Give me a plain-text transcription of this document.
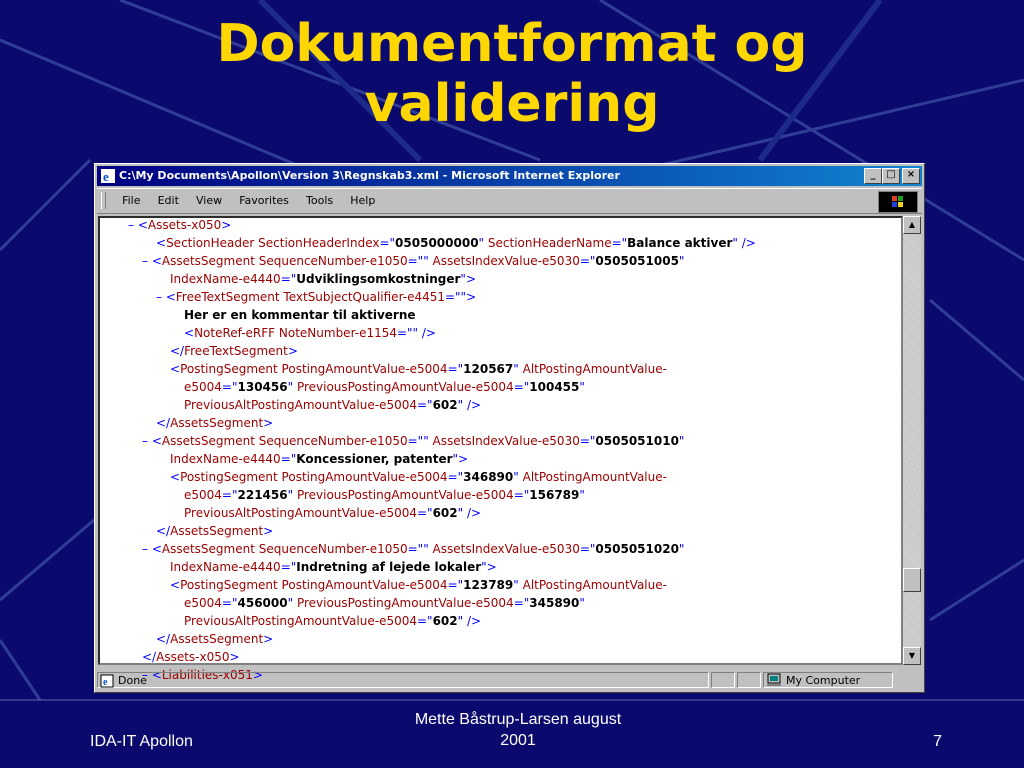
Dokumentformat og
validering
e C:\My Documents\Apollon\Version 3\Regnskab3.xml - Microsoft Internet Explorer	_	□	×
File Edit View Favorites Tools Help
– <Assets-x050>
<SectionHeader SectionHeaderIndex="0505000000" SectionHeaderName="Balance aktiver" />
– <AssetsSegment SequenceNumber-e1050="" AssetsIndexValue-e5030="0505051005"
IndexName-e4440="Udviklingsomkostninger">
– <FreeTextSegment TextSubjectQualifier-e4451="">
Her er en kommentar til aktiverne
<NoteRef-eRFF NoteNumber-e1154="" />
</FreeTextSegment>
<PostingSegment PostingAmountValue-e5004="120567" AltPostingAmountValue-
e5004="130456" PreviousPostingAmountValue-e5004="100455"
PreviousAltPostingAmountValue-e5004="602" />
</AssetsSegment>
– <AssetsSegment SequenceNumber-e1050="" AssetsIndexValue-e5030="0505051010"
IndexName-e4440="Koncessioner, patenter">
<PostingSegment PostingAmountValue-e5004="346890" AltPostingAmountValue-
e5004="221456" PreviousPostingAmountValue-e5004="156789"
PreviousAltPostingAmountValue-e5004="602" />
</AssetsSegment>
– <AssetsSegment SequenceNumber-e1050="" AssetsIndexValue-e5030="0505051020"
IndexName-e4440="Indretning af lejede lokaler">
<PostingSegment PostingAmountValue-e5004="123789" AltPostingAmountValue-
e5004="456000" PreviousPostingAmountValue-e5004="345890"
PreviousAltPostingAmountValue-e5004="602" />
</AssetsSegment>
</Assets-x050>
– <Liabilities-x051>
▲
▼
e Done	My Computer
IDA-IT Apollon
Mette Båstrup-Larsen august
2001	7
